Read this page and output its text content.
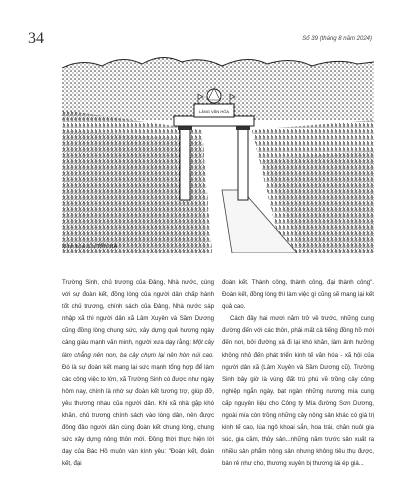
34	Số 39 (tháng 8 năm 2024)
LÀNG VĂN HÓA
Minh họa của TÂN HÀ

Trường Sinh, chủ trương của Đảng, Nhà nước, cùng với sự đoàn kết, đồng lòng của người dân chấp hành tốt chủ trương, chính sách của Đảng, Nhà nước sáp nhập xã thì người dân xã Lâm Xuyên và Sầm Dương cũng đồng lòng chung sức, xây dựng quê hương ngày càng giàu mạnh văn minh, người xưa dạy rằng: Một cây làm chẳng nên non, ba cây chụm lại nên hòn núi cao. Đó là sự đoàn kết mang lại sức mạnh tổng hợp để làm các công việc to lớn, xã Trường Sinh có được như ngày hôm nay, chính là nhờ sự đoàn kết tương trợ, giúp đỡ, yêu thương nhau của người dân. Khi xã nhà gặp khó khăn, chủ trương chính sách vào lòng dân, nên được đông đảo người dân cùng đoàn kết chung lòng, chung sức xây dựng nông thôn mới. Đồng thời thực hiện lời dạy của Bác Hồ muôn vàn kính yêu: "Đoàn kết, đoàn kết, đại

đoàn kết. Thành công, thành công, đại thành công". Đoàn kết, đồng lòng thì làm việc gì cũng sẽ mang lại kết quả cao.

Cách đây hai mươi năm trở về trước, những cung đường đến với các thôn, phải mất cả tiếng đồng hồ mới đến nơi, bởi đường xá đi lại khó khăn, làm ảnh hưởng không nhỏ đến phát triển kinh tế văn hóa - xã hội của người dân xã (Lâm Xuyên và Sầm Dương cũ). Trường Sinh bây giờ là vùng đất trù phú về trồng cây công nghiệp ngắn ngày, bạt ngàn những nương mía cung cấp nguyên liệu cho Công ty Mía đường Sơn Dương, ngoài mía còn trồng những cây nông sản khác có giá trị kinh tế cao, lúa ngô khoai sắn, hoa trái, chăn nuôi gia súc, gia cầm, thủy sản...những năm trước sản xuất ra nhiều sản phẩm nông sản nhưng không tiêu thụ được, bán rẻ như cho, thương xuyên bị thương lái ép giá...
